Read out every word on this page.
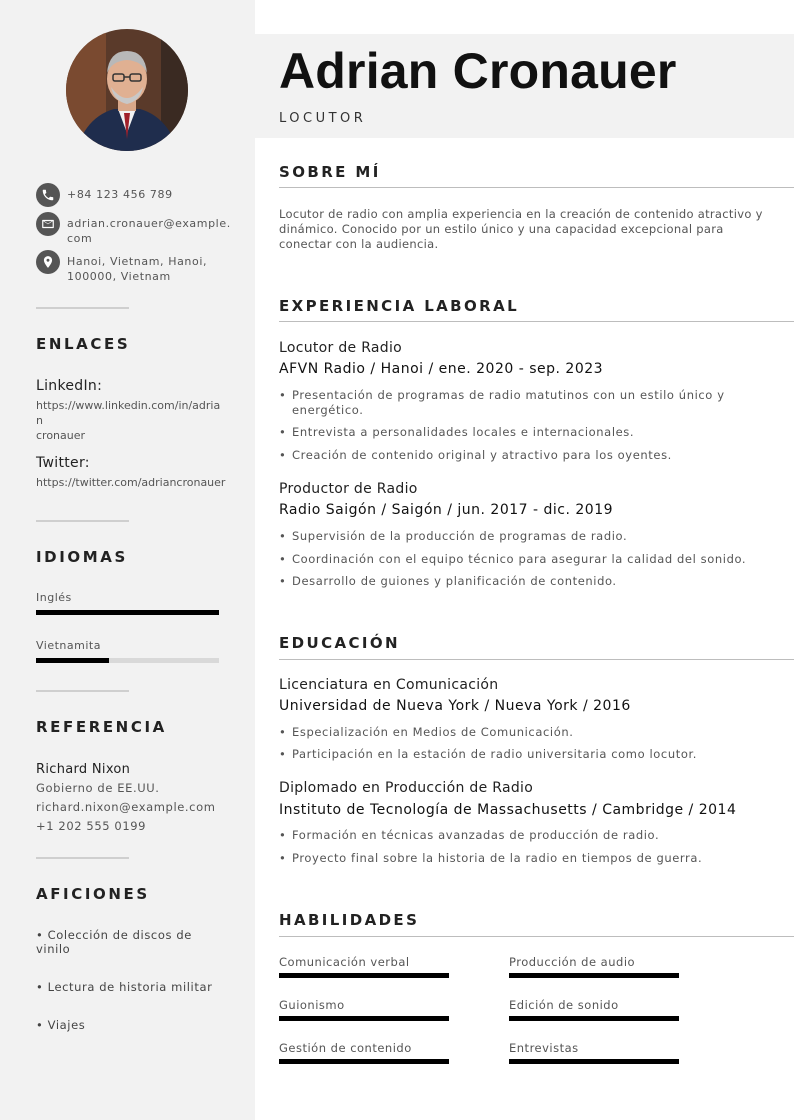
+84 123 456 789
adrian.cronauer@example.
com
Hanoi, Vietnam, Hanoi,
100000, Vietnam
ENLACES
LinkedIn:
https://www.linkedin.com/in/adrian
cronauer
Twitter:
https://twitter.com/adriancronauer
IDIOMAS
Inglés
Vietnamita
REFERENCIA
Richard Nixon
Gobierno de EE.UU.
richard.nixon@example.com
+1 202 555 0199
AFICIONES
• Colección de discos de vinilo
• Lectura de historia militar
• Viajes
Adrian Cronauer
LOCUTOR
SOBRE MÍ
Locutor de radio con amplia experiencia en la creación de contenido atractivo y dinámico. Conocido por un estilo único y una capacidad excepcional para conectar con la audiencia.
EXPERIENCIA LABORAL
Locutor de Radio
AFVN Radio / Hanoi / ene. 2020 - sep. 2023
• Presentación de programas de radio matutinos con un estilo único y energético.
• Entrevista a personalidades locales e internacionales.
• Creación de contenido original y atractivo para los oyentes.
Productor de Radio
Radio Saigón / Saigón / jun. 2017 - dic. 2019
• Supervisión de la producción de programas de radio.
• Coordinación con el equipo técnico para asegurar la calidad del sonido.
• Desarrollo de guiones y planificación de contenido.
EDUCACIÓN
Licenciatura en Comunicación
Universidad de Nueva York / Nueva York / 2016
• Especialización en Medios de Comunicación.
• Participación en la estación de radio universitaria como locutor.
Diplomado en Producción de Radio
Instituto de Tecnología de Massachusetts / Cambridge / 2014
• Formación en técnicas avanzadas de producción de radio.
• Proyecto final sobre la historia de la radio en tiempos de guerra.
HABILIDADES
Comunicación verbal	Producción de audio
Guionismo	Edición de sonido
Gestión de contenido	Entrevistas
